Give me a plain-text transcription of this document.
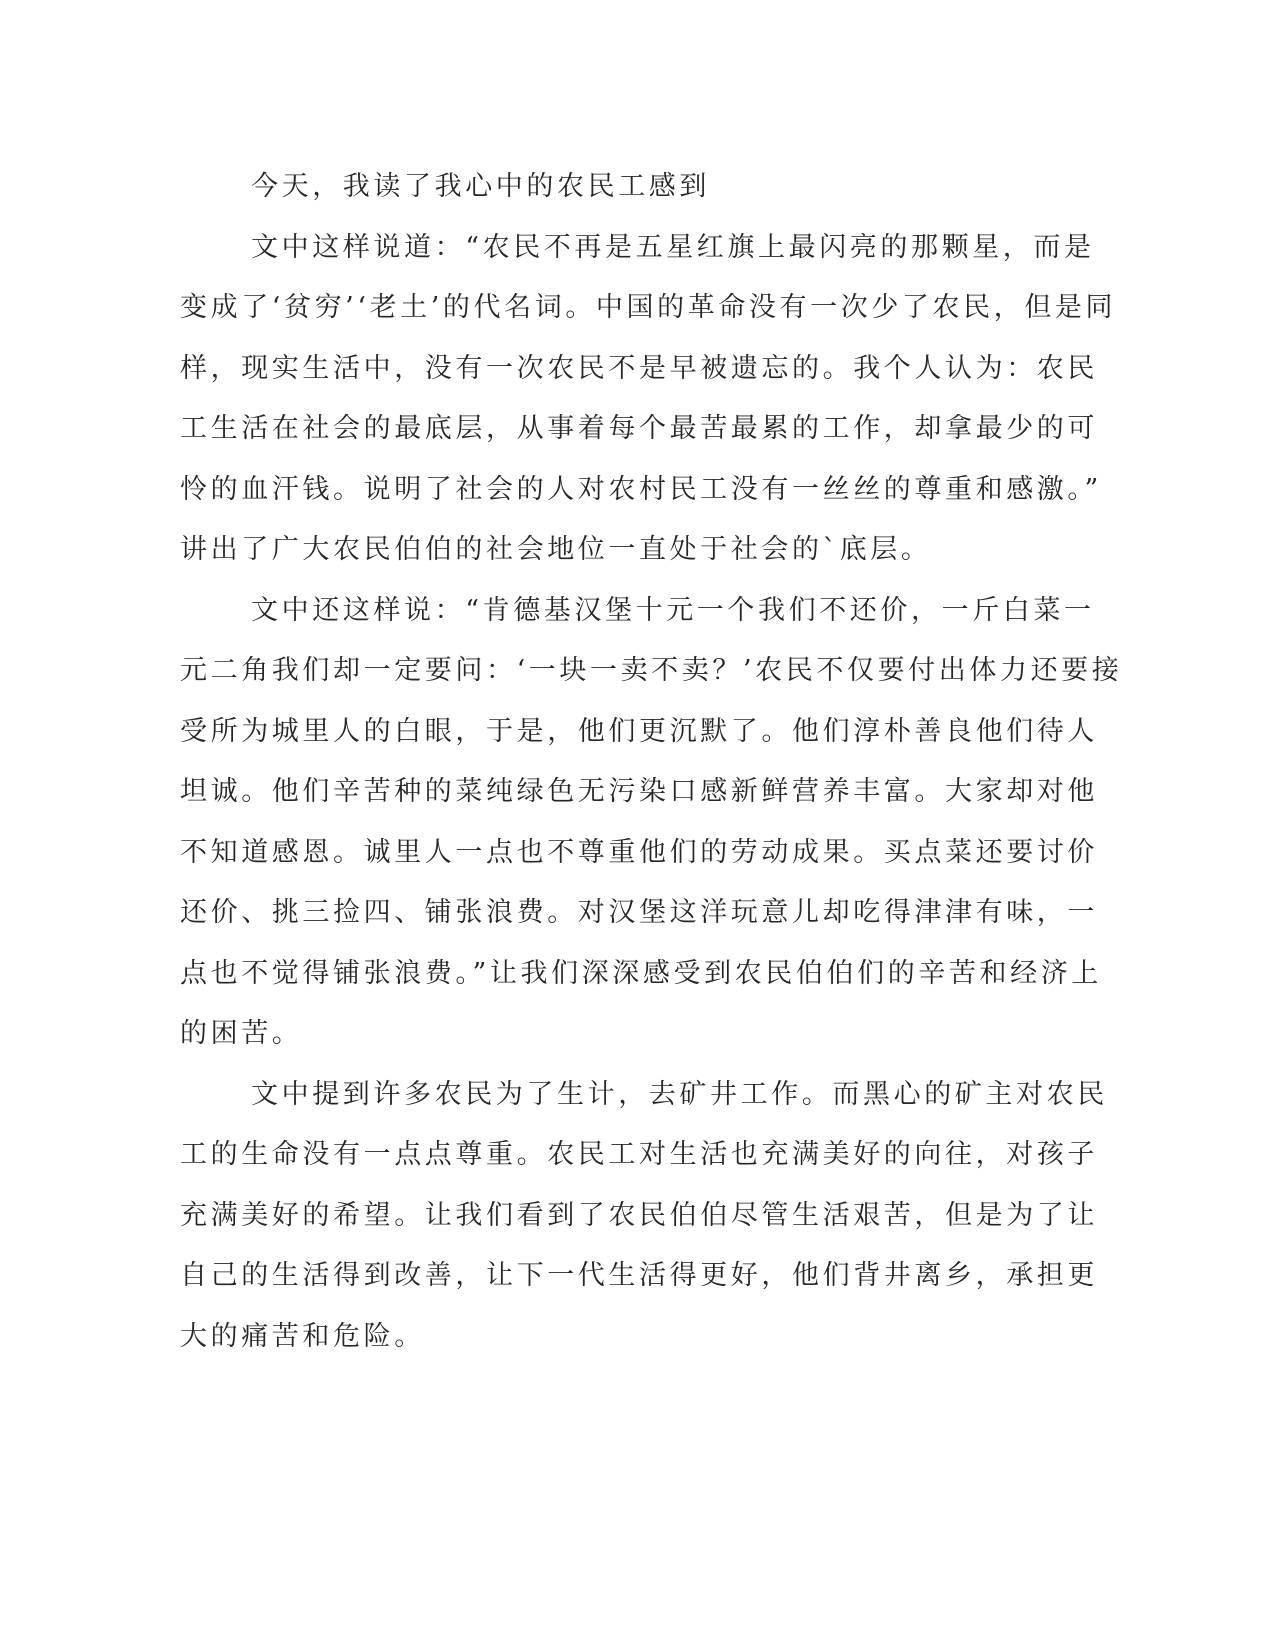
今天，我读了我心中的农民工感到
文中这样说道：“农民不再是五星红旗上最闪亮的那颗星，而是
变成了‘贫穷’‘老土’的代名词。中国的革命没有一次少了农民，但是同
样，现实生活中，没有一次农民不是早被遗忘的。我个人认为：农民
工生活在社会的最底层，从事着每个最苦最累的工作，却拿最少的可
怜的血汗钱。说明了社会的人对农村民工没有一丝丝的尊重和感激。”
讲出了广大农民伯伯的社会地位一直处于社会的`底层。
文中还这样说：“肯德基汉堡十元一个我们不还价，一斤白菜一
元二角我们却一定要问：‘一块一卖不卖？’农民不仅要付出体力还要接
受所为城里人的白眼，于是，他们更沉默了。他们淳朴善良他们待人
坦诚。他们辛苦种的菜纯绿色无污染口感新鲜营养丰富。大家却对他
不知道感恩。诚里人一点也不尊重他们的劳动成果。买点菜还要讨价
还价、挑三捡四、铺张浪费。对汉堡这洋玩意儿却吃得津津有味，一
点也不觉得铺张浪费。”让我们深深感受到农民伯伯们的辛苦和经济上
的困苦。
文中提到许多农民为了生计，去矿井工作。而黑心的矿主对农民
工的生命没有一点点尊重。农民工对生活也充满美好的向往，对孩子
充满美好的希望。让我们看到了农民伯伯尽管生活艰苦，但是为了让
自己的生活得到改善，让下一代生活得更好，他们背井离乡，承担更
大的痛苦和危险。
